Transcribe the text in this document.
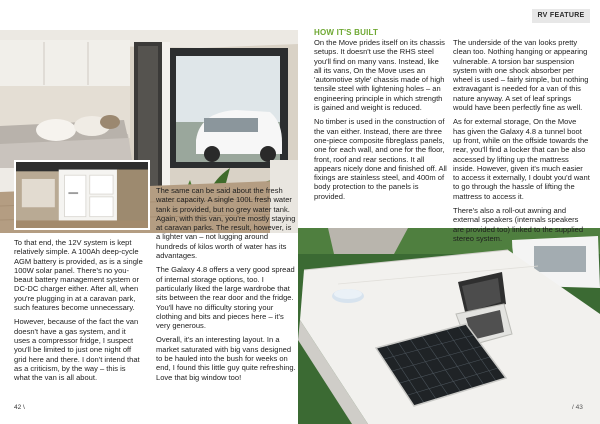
RV FEATURE
HOW IT'S BUILT

To that end, the 12V system is kept relatively simple. A 100Ah deep-cycle AGM battery is provided, as is a single 100W solar panel. There's no you-beaut battery management system or DC-DC charger either. After all, when you're plugging in at a caravan park, such features become unnecessary.

However, because of the fact the van doesn't have a gas system, and it uses a compressor fridge, I suspect you'll be limited to just one night off grid here and there. I don't intend that as a criticism, by the way – this is what the van is all about.

The same can be said about the fresh water capacity. A single 100L fresh water tank is provided, but no grey water tank. Again, with this van, you're mostly staying at caravan parks. The result, however, is a lighter van – not lugging around hundreds of kilos worth of water has its advantages.

The Galaxy 4.8 offers a very good spread of internal storage options, too. I particularly liked the large wardrobe that sits between the rear door and the fridge. You'll have no difficulty storing your clothing and bits and pieces here – it's very generous.

Overall, it's an interesting layout. In a market saturated with big vans designed to be hauled into the bush for weeks on end, I found this little guy quite refreshing. Love that big window too!

On the Move prides itself on its chassis setups. It doesn't use the RHS steel you'll find on many vans. Instead, like all its vans, On the Move uses an 'automotive style' chassis made of high tensile steel with lightening holes – an engineering principle in which strength is gained and weight is reduced.

No timber is used in the construction of the van either. Instead, there are three one-piece composite fibreglass panels, one for each wall, and one for the floor, front, roof and rear sections. It all appears nicely done and finished off. All fixings are stainless steel, and 400m of body protection to the panels is provided.

The underside of the van looks pretty clean too. Nothing hanging or appearing vulnerable. A torsion bar suspension system with one shock absorber per wheel is used – fairly simple, but nothing extravagant is needed for a van of this nature anyway. A set of leaf springs would have been perfectly fine as well.

As for external storage, On the Move has given the Galaxy 4.8 a tunnel boot up front, while on the offside towards the rear, you'll find a locker that can be also accessed by lifting up the mattress inside. However, given it's much easier to access it externally, I doubt you'd want to go through the hassle of lifting the mattress to access it.

There's also a roll-out awning and external speakers (internals speakers are provided too) linked to the supplied stereo system.

42 \	/ 43
